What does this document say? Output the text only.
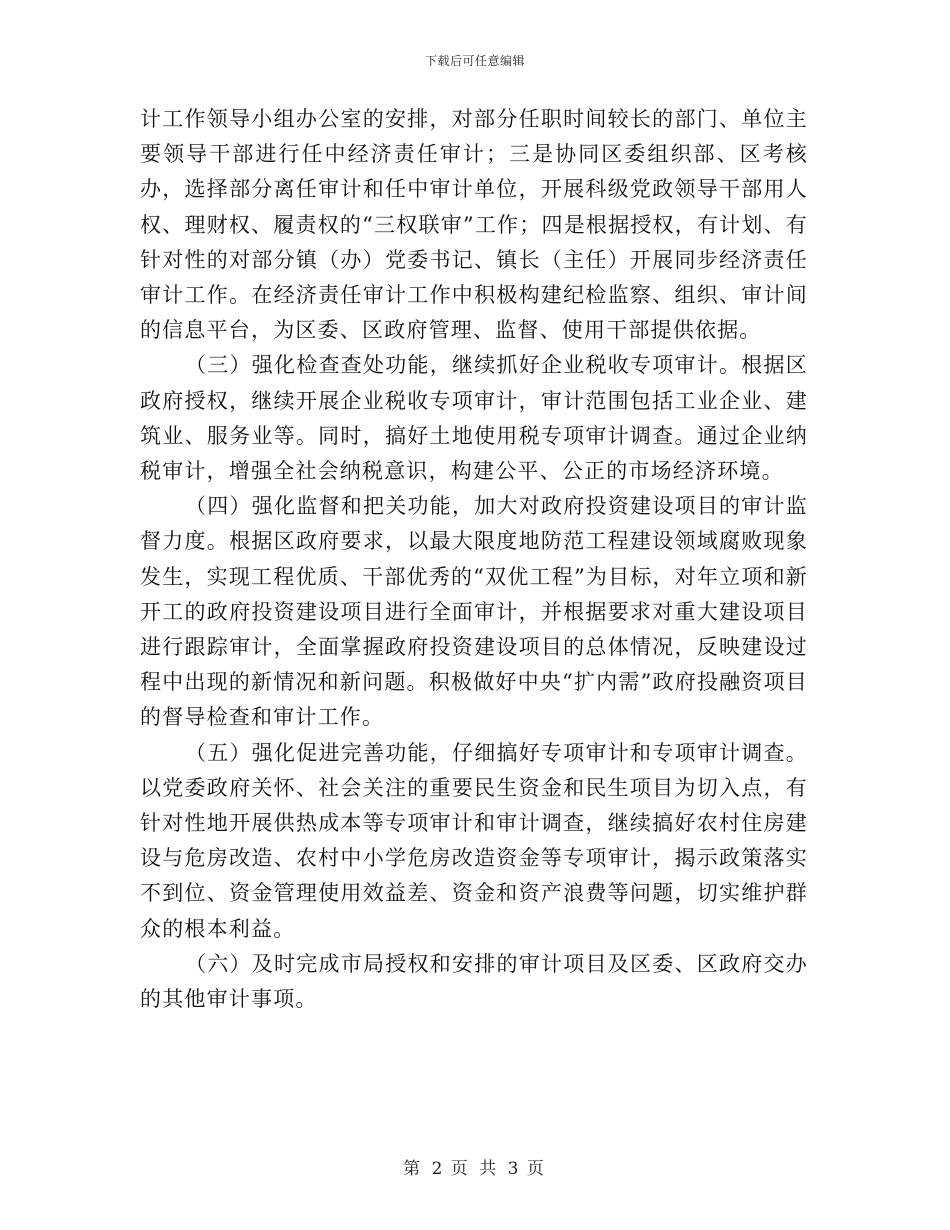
下载后可任意编辑

计工作领导小组办公室的安排，对部分任职时间较长的部门、单位主要领导干部进行任中经济责任审计；三是协同区委组织部、区考核办，选择部分离任审计和任中审计单位，开展科级党政领导干部用人权、理财权、履责权的“三权联审”工作；四是根据授权，有计划、有针对性的对部分镇（办）党委书记、镇长（主任）开展同步经济责任审计工作。在经济责任审计工作中积极构建纪检监察、组织、审计间的信息平台，为区委、区政府管理、监督、使用干部提供依据。

（三）强化检查查处功能，继续抓好企业税收专项审计。根据区政府授权，继续开展企业税收专项审计，审计范围包括工业企业、建筑业、服务业等。同时，搞好土地使用税专项审计调查。通过企业纳税审计，增强全社会纳税意识，构建公平、公正的市场经济环境。

（四）强化监督和把关功能，加大对政府投资建设项目的审计监督力度。根据区政府要求，以最大限度地防范工程建设领域腐败现象发生，实现工程优质、干部优秀的“双优工程”为目标，对年立项和新开工的政府投资建设项目进行全面审计，并根据要求对重大建设项目进行跟踪审计，全面掌握政府投资建设项目的总体情况，反映建设过程中出现的新情况和新问题。积极做好中央“扩内需”政府投融资项目的督导检查和审计工作。

（五）强化促进完善功能，仔细搞好专项审计和专项审计调查。以党委政府关怀、社会关注的重要民生资金和民生项目为切入点，有针对性地开展供热成本等专项审计和审计调查，继续搞好农村住房建设与危房改造、农村中小学危房改造资金等专项审计，揭示政策落实不到位、资金管理使用效益差、资金和资产浪费等问题，切实维护群众的根本利益。

（六）及时完成市局授权和安排的审计项目及区委、区政府交办的其他审计事项。

第 2 页 共 3 页
